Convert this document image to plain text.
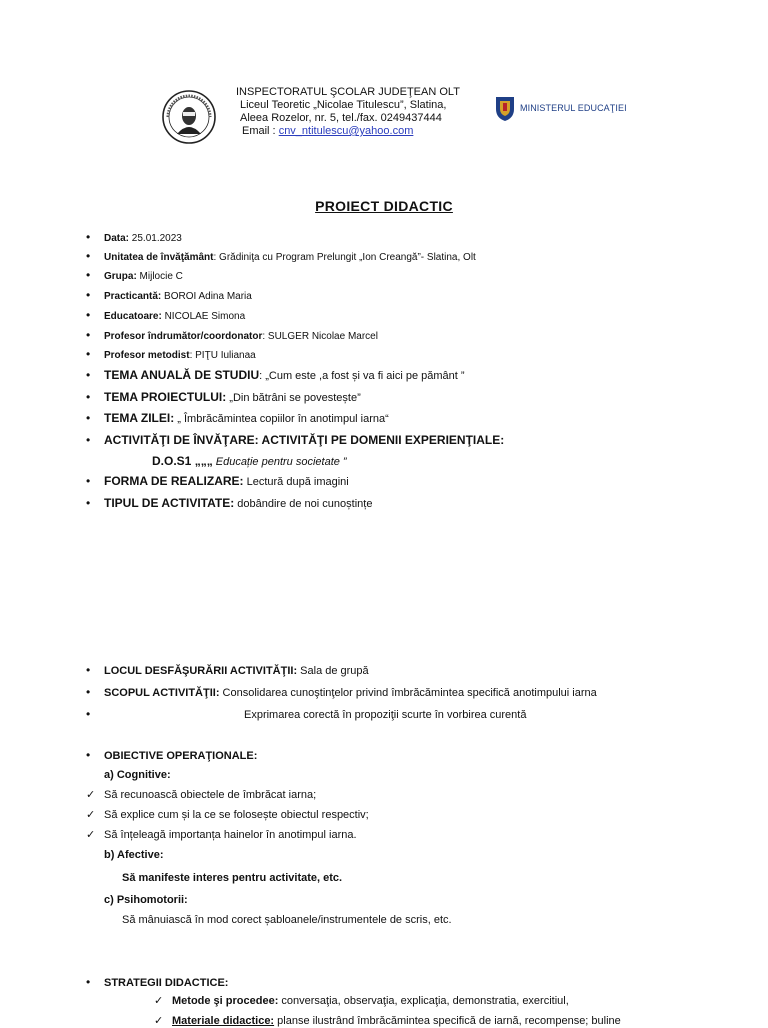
INSPECTORATUL ŞCOLAR JUDEŢEAN OLT
Liceul Teoretic „Nicolae Titulescu”, Slatina,
Aleea Rozelor, nr. 5, tel./fax. 0249437444
Email : cnv_ntitulescu@yahoo.com
MINISTERUL EDUCAŢIEI
PROIECT DIDACTIC
• Data: 25.01.2023
• Unitatea de învăţământ: Grădiniţa cu Program Prelungit „Ion Creangă”- Slatina, Olt
• Grupa: Mijlocie C
• Practicantă: BOROI Adina Maria
• Educatoare: NICOLAE Simona
• Profesor îndrumător/coordonator: SULGER Nicolae Marcel
• Profesor metodist: PIŢU Iulianaa
• TEMA ANUALĂ DE STUDIU: „Cum este ,a fost și va fi aici pe pământ ”
• TEMA PROIECTULUI: „Din bătrâni se povestește”
• TEMA ZILEI: „ Îmbrăcămintea copiilor în anotimpul iarna“
• ACTIVITĂŢI DE ÎNVĂŢARE: ACTIVITĂŢI PE DOMENII EXPERIENŢIALE:
D.O.S1 „„„ Educație pentru societate ”
• FORMA DE REALIZARE: Lectură după imagini
• TIPUL DE ACTIVITATE: dobândire de noi cunoștințe
• LOCUL DESFĂŞURĂRII ACTIVITĂŢII: Sala de grupă
• SCOPUL ACTIVITĂŢII: Consolidarea cunoştinţelor privind îmbrăcămintea specifică anotimpului iarna
• Exprimarea corectă în propoziţii scurte în vorbirea curentă
• OBIECTIVE OPERAŢIONALE:
a) Cognitive:
✓ Să recunoască obiectele de îmbrăcat iarna;
✓ Să explice cum și la ce se folosește obiectul respectiv;
✓ Să înțeleagă importanța hainelor în anotimpul iarna.
b) Afective:
Să manifeste interes pentru activitate, etc.
c) Psihomotorii:
Să mânuiască în mod corect șabloanele/instrumentele de scris, etc.
• STRATEGII DIDACTICE:
✓ Metode şi procedee: conversaţia, observaţia, explicaţia, demonstratia, exercitiul,
✓ Materiale didactice: planse ilustrând îmbrăcămintea specifică de iarnă, recompense; buline
